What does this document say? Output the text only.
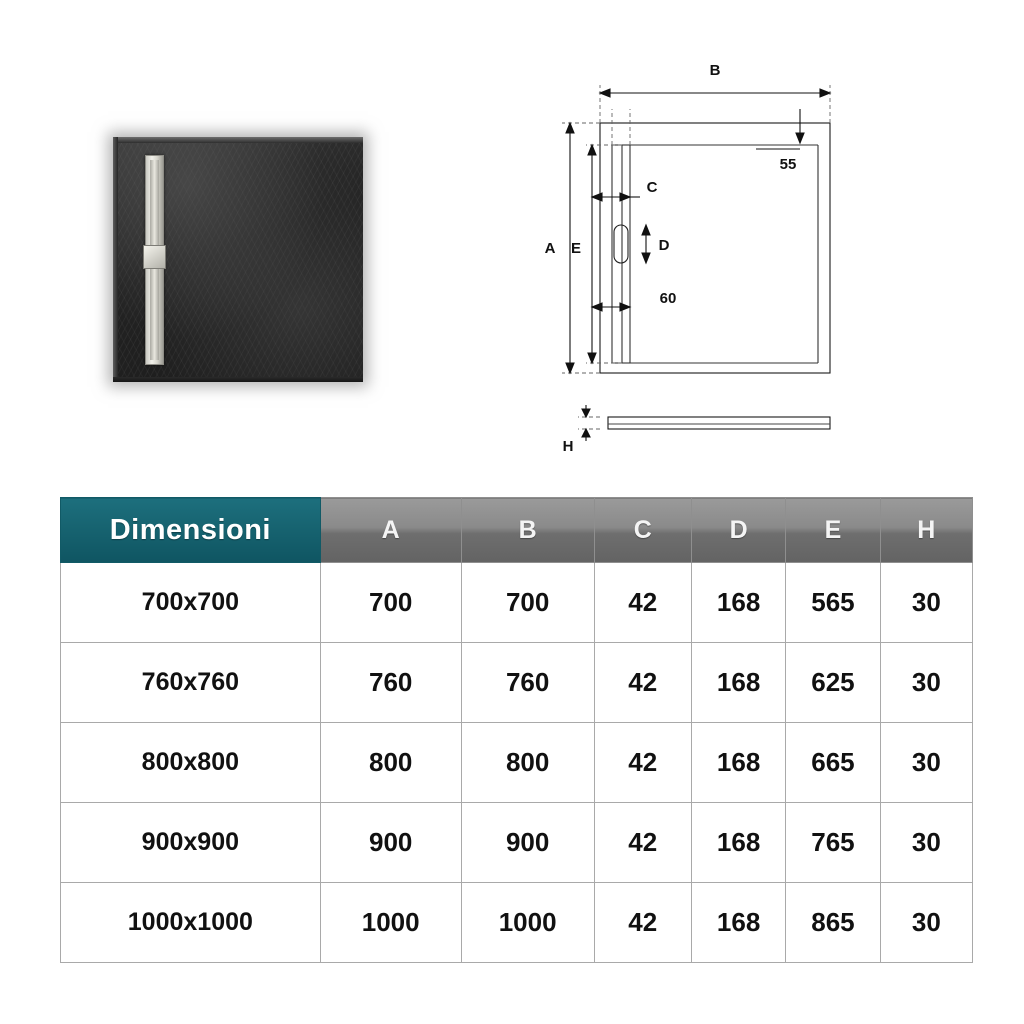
B
A E
C
D
55
60
H
Dimensioni	A	B	C	D	E	H
700x700	700	700	42	168	565	30
760x760	760	760	42	168	625	30
800x800	800	800	42	168	665	30
900x900	900	900	42	168	765	30
1000x1000	1000	1000	42	168	865	30
